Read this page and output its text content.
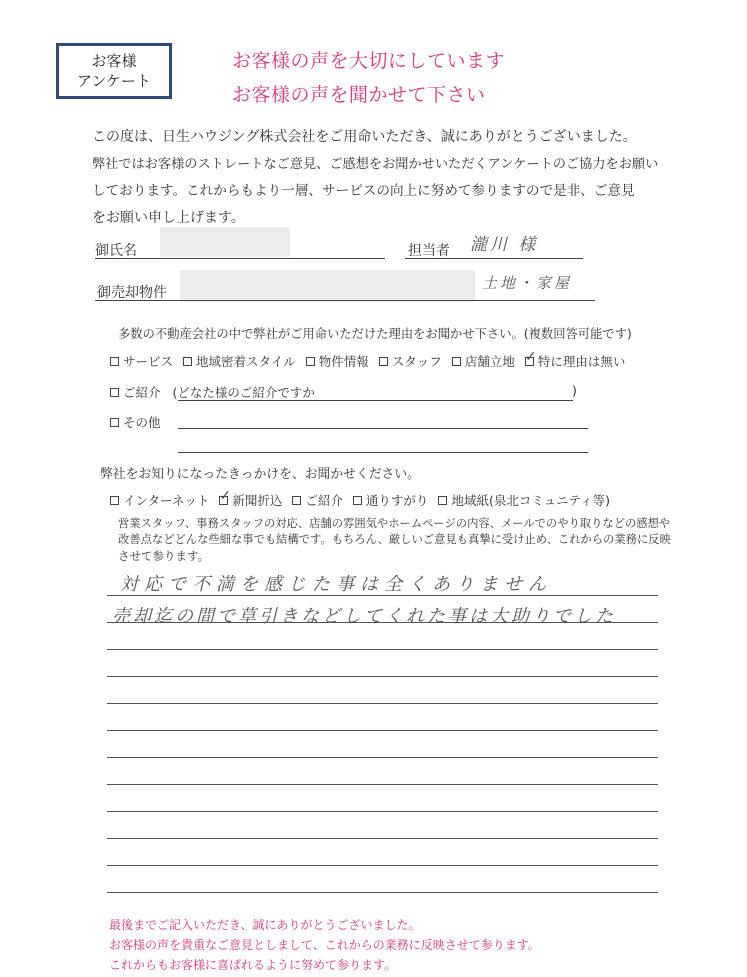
お客様
アンケート
お客様の声を大切にしています
お客様の声を聞かせて下さい
この度は、日生ハウジング株式会社をご用命いただき、誠にありがとうございました。
弊社ではお客様のストレートなご意見、ご感想をお聞かせいただくアンケートのご協力をお願い
しております。これからもより一層、サービスの向上に努めて参りますので是非、ご意見
をお願い申し上げます。
御氏名	担当者 瀧川 様
御売却物件
土地・家屋
多数の不動産会社の中で弊社がご用命いただけた理由をお聞かせ下さい。(複数回答可能です)
サービス 地域密着スタイル 物件情報 スタッフ 店舗立地 ✓ 特に理由は無い
ご紹介 (どなた様のご紹介ですか	)
その他
弊社をお知りになったきっかけを、お聞かせください。
インターネット ✓ 新聞折込 ご紹介 通りすがり 地域紙(泉北コミュニティ等)
営業スタッフ、事務スタッフの対応、店舗の雰囲気やホームページの内容、メールでのやり取りなどの感想や
改善点などどんな些細な事でも結構です。もちろん、厳しいご意見も真摯に受け止め、これからの業務に反映
させて参ります。
対応で不満を感じた事は全くありません
売却迄の間で草引きなどしてくれた事は大助りでした
最後までご記入いただき、誠にありがとうございました。
お客様の声を貴重なご意見としまして、これからの業務に反映させて参ります。
これからもお客様に喜ばれるように努めて参ります。
